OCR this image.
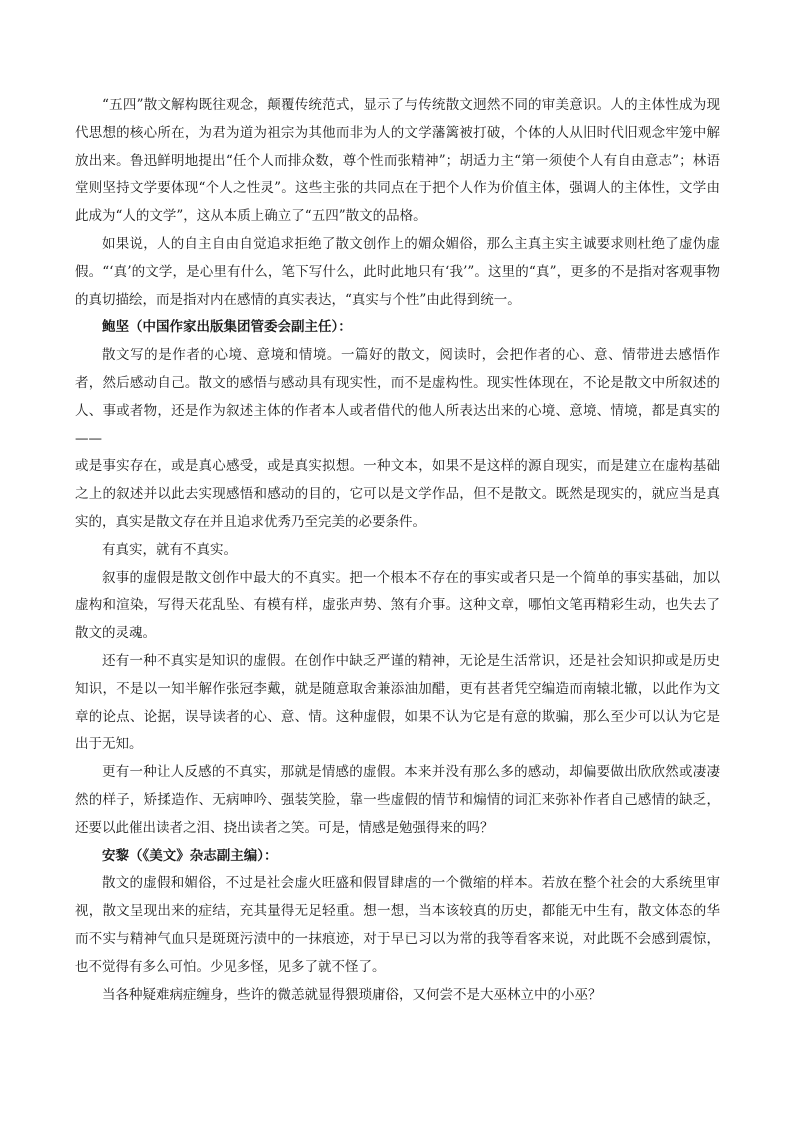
“五四”散文解构既往观念，颠覆传统范式，显示了与传统散文迥然不同的审美意识。人的主体性成为现代思想的核心所在，为君为道为祖宗为其他而非为人的文学藩篱被打破，个体的人从旧时代旧观念牢笼中解放出来。鲁迅鲜明地提出“任个人而排众数，尊个性而张精神”；胡适力主“第一须使个人有自由意志”；林语堂则坚持文学要体现“个人之性灵”。这些主张的共同点在于把个人作为价值主体，强调人的主体性，文学由此成为“人的文学”，这从本质上确立了“五四”散文的品格。

如果说，人的自主自由自觉追求拒绝了散文创作上的媚众媚俗，那么主真主实主诚要求则杜绝了虚伪虚假。“‘真’的文学，是心里有什么，笔下写什么，此时此地只有‘我’”。这里的“真”，更多的不是指对客观事物的真切描绘，而是指对内在感情的真实表达，“真实与个性”由此得到统一。

鲍坚（中国作家出版集团管委会副主任）：

散文写的是作者的心境、意境和情境。一篇好的散文，阅读时，会把作者的心、意、情带进去感悟作者，然后感动自己。散文的感悟与感动具有现实性，而不是虚构性。现实性体现在，不论是散文中所叙述的人、事或者物，还是作为叙述主体的作者本人或者借代的他人所表达出来的心境、意境、情境，都是真实的——

或是事实存在，或是真心感受，或是真实拟想。一种文本，如果不是这样的源自现实，而是建立在虚构基础之上的叙述并以此去实现感悟和感动的目的，它可以是文学作品，但不是散文。既然是现实的，就应当是真实的，真实是散文存在并且追求优秀乃至完美的必要条件。

有真实，就有不真实。

叙事的虚假是散文创作中最大的不真实。把一个根本不存在的事实或者只是一个简单的事实基础，加以虚构和渲染，写得天花乱坠、有模有样，虚张声势、煞有介事。这种文章，哪怕文笔再精彩生动，也失去了散文的灵魂。

还有一种不真实是知识的虚假。在创作中缺乏严谨的精神，无论是生活常识，还是社会知识抑或是历史知识，不是以一知半解作张冠李戴，就是随意取舍兼添油加醋，更有甚者凭空编造而南辕北辙，以此作为文章的论点、论据，误导读者的心、意、情。这种虚假，如果不认为它是有意的欺骗，那么至少可以认为它是出于无知。

更有一种让人反感的不真实，那就是情感的虚假。本来并没有那么多的感动，却偏要做出欣欣然或凄凄然的样子，矫揉造作、无病呻吟、强装笑脸，靠一些虚假的情节和煽情的词汇来弥补作者自己感情的缺乏，还要以此催出读者之泪、挠出读者之笑。可是，情感是勉强得来的吗？

安黎（《美文》杂志副主编）：

散文的虚假和媚俗，不过是社会虚火旺盛和假冒肆虐的一个微缩的样本。若放在整个社会的大系统里审视，散文呈现出来的症结，充其量得无足轻重。想一想，当本该较真的历史，都能无中生有，散文体态的华而不实与精神气血只是斑斑污渍中的一抹痕迹，对于早已习以为常的我等看客来说，对此既不会感到震惊，也不觉得有多么可怕。少见多怪，见多了就不怪了。

当各种疑难病症缠身，些许的微恙就显得猥琐庸俗，又何尝不是大巫林立中的小巫？
